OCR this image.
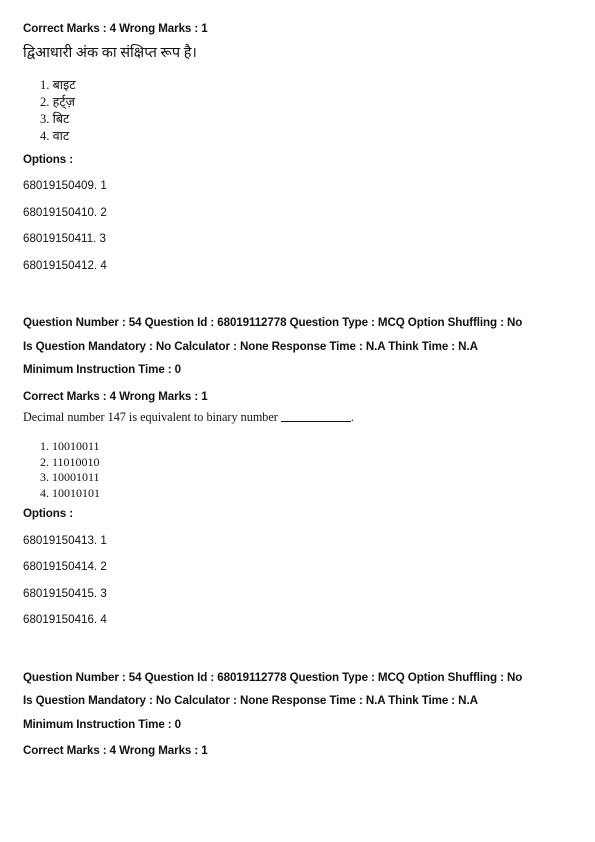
Correct Marks : 4 Wrong Marks : 1
द्विआधारी अंक का संक्षिप्त रूप है।
1. बाइट
2. हर्ट्ज़
3. बिट
4. वाट
Options :
68019150409. 1
68019150410. 2
68019150411. 3
68019150412. 4
Question Number : 54 Question Id : 68019112778 Question Type : MCQ Option Shuffling : No
Is Question Mandatory : No Calculator : None Response Time : N.A Think Time : N.A
Minimum Instruction Time : 0
Correct Marks : 4 Wrong Marks : 1
Decimal number 147 is equivalent to binary number	.
1. 10010011
2. 11010010
3. 10001011
4. 10010101
Options :
68019150413. 1
68019150414. 2
68019150415. 3
68019150416. 4
Question Number : 54 Question Id : 68019112778 Question Type : MCQ Option Shuffling : No
Is Question Mandatory : No Calculator : None Response Time : N.A Think Time : N.A
Minimum Instruction Time : 0
Correct Marks : 4 Wrong Marks : 1
